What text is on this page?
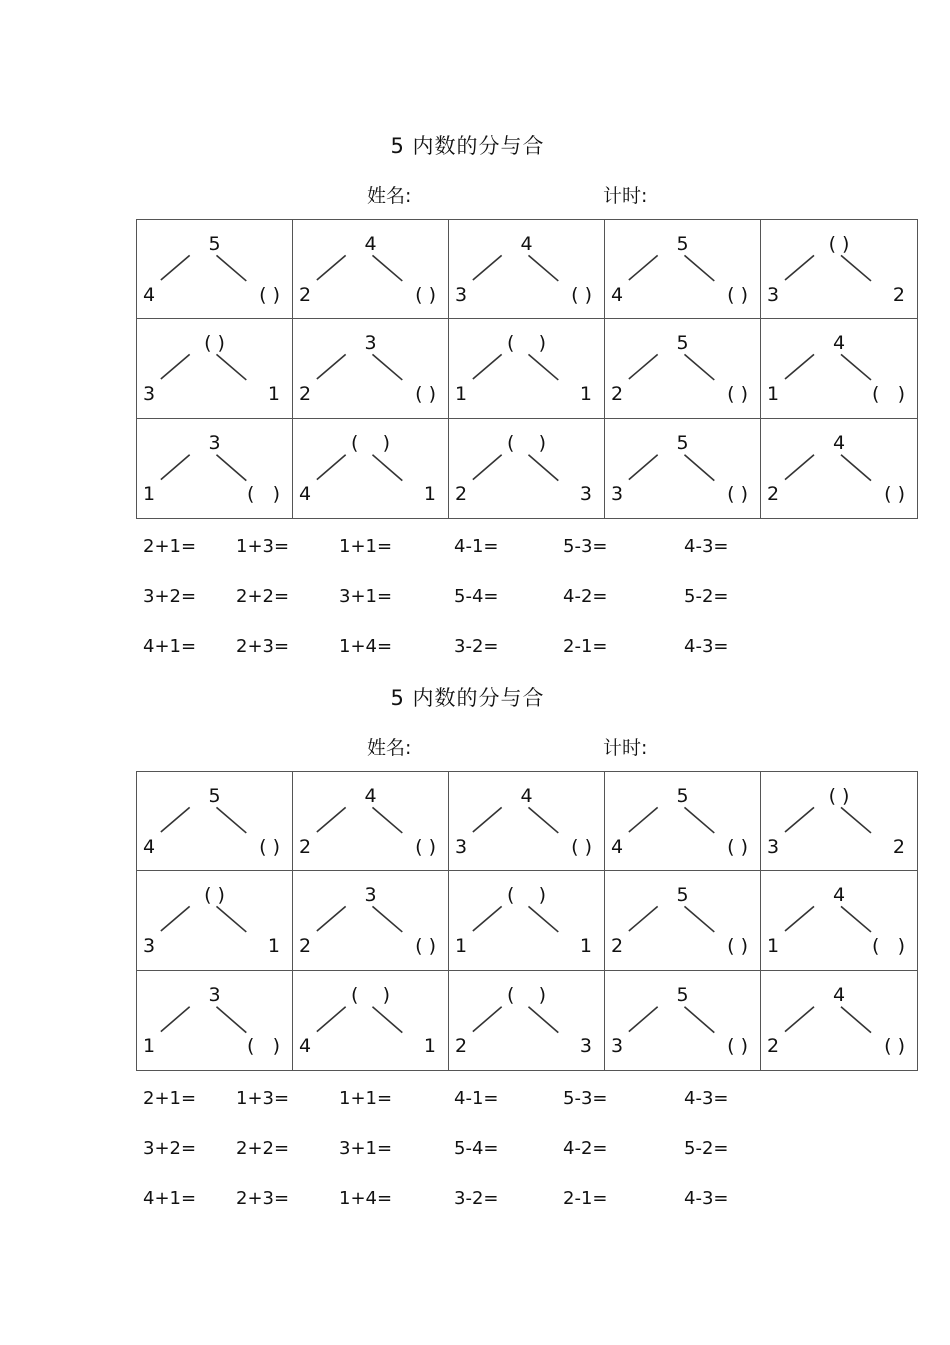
5 内数的分与合
姓名:	计时:
5
4	( )
4
2	( )
4
3	( )
5
4	( )
( )
3	2
( )
3	1
3
2	( )
(    )
1	1
5
2	( )
4
1	(   )
3
1	(   )
(    )
4	1
(    )
2	3
5
3	( )
4
2	( )
2+1= 1+3=	1+1=	4-1=	5-3=	4-3=
3+2= 2+2=	3+1=	5-4=	4-2=	5-2=
4+1= 2+3=	1+4=	3-2=	2-1=	4-3=
5 内数的分与合
姓名:	计时:
5
4	( )
4
2	( )
4
3	( )
5
4	( )
( )
3	2
( )
3	1
3
2	( )
(    )
1	1
5
2	( )
4
1	(   )
3
1	(   )
(    )
4	1
(    )
2	3
5
3	( )
4
2	( )
2+1= 1+3=	1+1=	4-1=	5-3=	4-3=
3+2= 2+2=	3+1=	5-4=	4-2=	5-2=
4+1= 2+3=	1+4=	3-2=	2-1=	4-3=
